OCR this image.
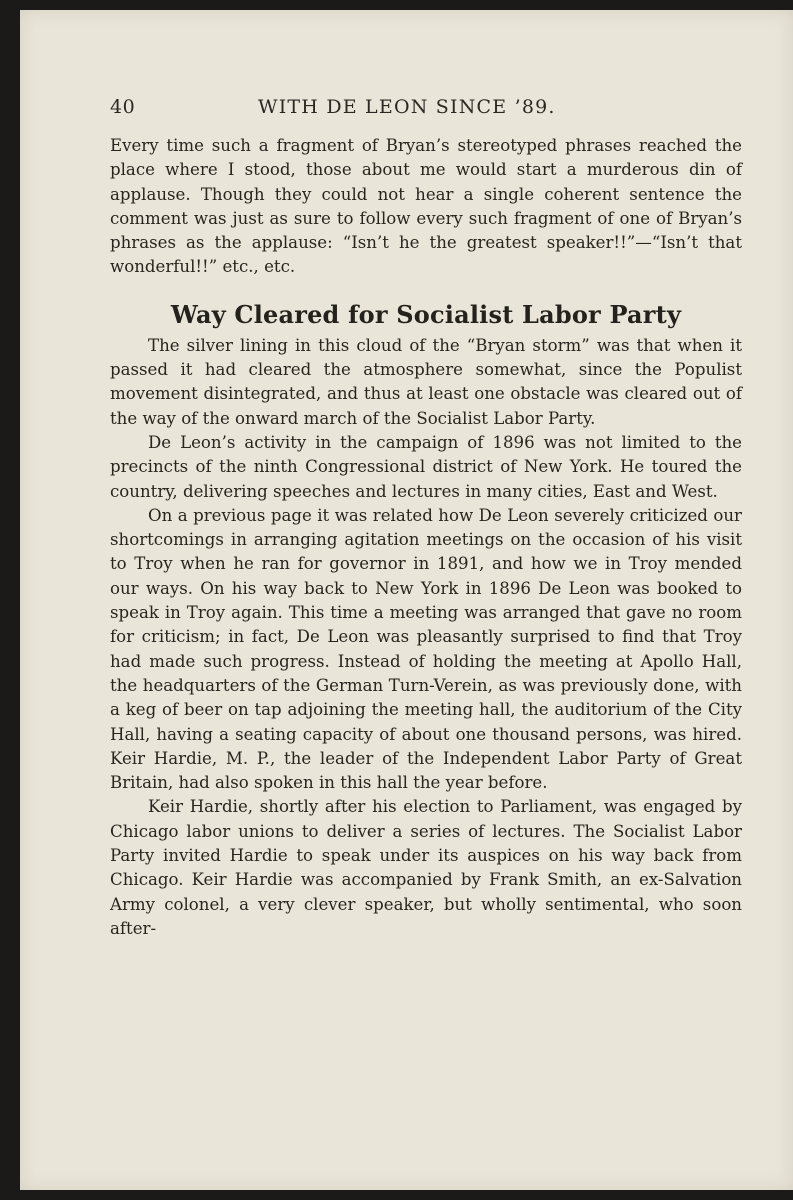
40	WITH DE LEON SINCE ’89.

Every time such a fragment of Bryan’s stereotyped phrases reached the place where I stood, those about me would start a murderous din of applause. Though they could not hear a single coherent sentence the comment was just as sure to follow every such fragment of one of Bryan’s phrases as the applause: “Isn’t he the greatest speaker!!”—“Isn’t that wonderful!!” etc., etc.

Way Cleared for Socialist Labor Party

The silver lining in this cloud of the “Bryan storm” was that when it passed it had cleared the atmosphere somewhat, since the Populist movement disintegrated, and thus at least one obstacle was cleared out of the way of the onward march of the Socialist Labor Party.

De Leon’s activity in the campaign of 1896 was not limited to the precincts of the ninth Congressional district of New York. He toured the country, delivering speeches and lectures in many cities, East and West.

On a previous page it was related how De Leon severely criticized our shortcomings in arranging agitation meetings on the occasion of his visit to Troy when he ran for governor in 1891, and how we in Troy mended our ways. On his way back to New York in 1896 De Leon was booked to speak in Troy again. This time a meeting was arranged that gave no room for criticism; in fact, De Leon was pleasantly surprised to find that Troy had made such progress. Instead of holding the meeting at Apollo Hall, the headquarters of the German Turn-Verein, as was previously done, with a keg of beer on tap adjoining the meeting hall, the auditorium of the City Hall, having a seating capacity of about one thousand persons, was hired. Keir Hardie, M. P., the leader of the Independent Labor Party of Great Britain, had also spoken in this hall the year before.

Keir Hardie, shortly after his election to Parliament, was engaged by Chicago labor unions to deliver a series of lectures. The Socialist Labor Party invited Hardie to speak under its auspices on his way back from Chicago. Keir Hardie was accompanied by Frank Smith, an ex-Salvation Army colonel, a very clever speaker, but wholly sentimental, who soon after-
